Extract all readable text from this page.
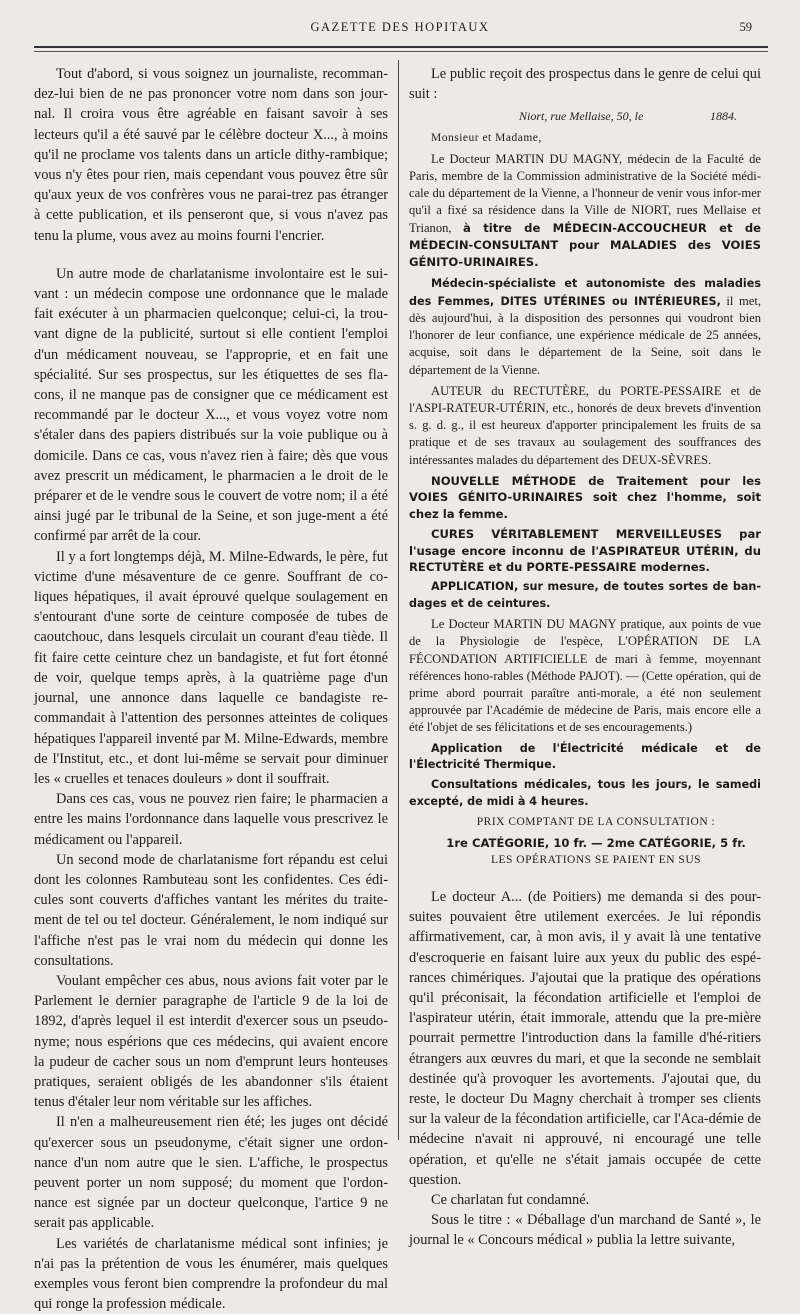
GAZETTE DES HOPITAUX	59

Tout d'abord, si vous soignez un journaliste, recomman-dez-lui bien de ne pas prononcer votre nom dans son jour-nal. Il croira vous être agréable en faisant savoir à ses lecteurs qu'il a été sauvé par le célèbre docteur X..., à moins qu'il ne proclame vos talents dans un article dithy-rambique; vous n'y êtes pour rien, mais cependant vous pouvez être sûr qu'aux yeux de vos confrères vous ne parai-trez pas étranger à cette publication, et ils penseront que, si vous n'avez pas tenu la plume, vous avez au moins fourni l'encrier.

Un autre mode de charlatanisme involontaire est le sui-vant : un médecin compose une ordonnance que le malade fait exécuter à un pharmacien quelconque; celui-ci, la trou-vant digne de la publicité, surtout si elle contient l'emploi d'un médicament nouveau, se l'approprie, et en fait une spécialité. Sur ses prospectus, sur les étiquettes de ses fla-cons, il ne manque pas de consigner que ce médicament est recommandé par le docteur X..., et vous voyez votre nom s'étaler dans des papiers distribués sur la voie publique ou à domicile. Dans ce cas, vous n'avez rien à faire; dès que vous avez prescrit un médicament, le pharmacien a le droit de le préparer et de le vendre sous le couvert de votre nom; il a été ainsi jugé par le tribunal de la Seine, et son juge-ment a été confirmé par arrêt de la cour.

Il y a fort longtemps déjà, M. Milne-Edwards, le père, fut victime d'une mésaventure de ce genre. Souffrant de co-liques hépatiques, il avait éprouvé quelque soulagement en s'entourant d'une sorte de ceinture composée de tubes de caoutchouc, dans lesquels circulait un courant d'eau tiède. Il fit faire cette ceinture chez un bandagiste, et fut fort étonné de voir, quelque temps après, à la quatrième page d'un journal, une annonce dans laquelle ce bandagiste re-commandait à l'attention des personnes atteintes de coliques hépatiques l'appareil inventé par M. Milne-Edwards, membre de l'Institut, etc., et dont lui-même se servait pour diminuer les « cruelles et tenaces douleurs » dont il souffrait.

Dans ces cas, vous ne pouvez rien faire; le pharmacien a entre les mains l'ordonnance dans laquelle vous prescrivez le médicament ou l'appareil.

Un second mode de charlatanisme fort répandu est celui dont les colonnes Rambuteau sont les confidentes. Ces édi-cules sont couverts d'affiches vantant les mérites du traite-ment de tel ou tel docteur. Généralement, le nom indiqué sur l'affiche n'est pas le vrai nom du médecin qui donne les consultations.

Voulant empêcher ces abus, nous avions fait voter par le Parlement le dernier paragraphe de l'article 9 de la loi de 1892, d'après lequel il est interdit d'exercer sous un pseudo-nyme; nous espérions que ces médecins, qui avaient encore la pudeur de cacher sous un nom d'emprunt leurs honteuses pratiques, seraient obligés de les abandonner s'ils étaient tenus d'étaler leur nom véritable sur les affiches.

Il n'en a malheureusement rien été; les juges ont décidé qu'exercer sous un pseudonyme, c'était signer une ordon-nance d'un nom autre que le sien. L'affiche, le prospectus peuvent porter un nom supposé; du moment que l'ordon-nance est signée par un docteur quelconque, l'artice 9 ne serait pas applicable.

Les variétés de charlatanisme médical sont infinies; je n'ai pas la prétention de vous les énumérer, mais quelques exemples vous feront bien comprendre la profondeur du mal qui ronge la profession médicale.

Le public reçoit des prospectus dans le genre de celui qui suit :

Niort, rue Mellaise, 50, le	1884.

Monsieur et Madame,

Le Docteur MARTIN DU MAGNY, médecin de la Faculté de Paris, membre de la Commission administrative de la Société médi-cale du département de la Vienne, a l'honneur de venir vous infor-mer qu'il a fixé sa résidence dans la Ville de NIORT, rues Mellaise et Trianon, à titre de MÉDECIN-ACCOUCHEUR et de MÉDECIN-CONSULTANT pour MALADIES des VOIES GÉNITO-URINAIRES.

Médecin-spécialiste et autonomiste des maladies des Femmes, DITES UTÉRINES ou INTÉRIEURES, il met, dès aujourd'hui, à la disposition des personnes qui voudront bien l'honorer de leur confiance, une expérience médicale de 25 années, acquise, soit dans le département de la Seine, soit dans le département de la Vienne.

AUTEUR du RECTUTÈRE, du PORTE-PESSAIRE et de l'ASPI-RATEUR-UTÉRIN, etc., honorés de deux brevets d'invention s. g. d. g., il est heureux d'apporter principalement les fruits de sa pratique et de ses travaux au soulagement des souffrances des intéressantes malades du département des DEUX-SÈVRES.

NOUVELLE MÉTHODE de Traitement pour les VOIES GÉNITO-URINAIRES soit chez l'homme, soit chez la femme.

CURES VÉRITABLEMENT MERVEILLEUSES par l'usage encore inconnu de l'ASPIRATEUR UTÉRIN, du RECTUTÈRE et du PORTE-PESSAIRE modernes.

APPLICATION, sur mesure, de toutes sortes de ban-dages et de ceintures.

Le Docteur MARTIN DU MAGNY pratique, aux points de vue de la Physiologie de l'espèce, L'OPÉRATION DE LA FÉCONDATION ARTIFICIELLE de mari à femme, moyennant références hono-rables (Méthode PAJOT). — (Cette opération, qui de prime abord pourrait paraître anti-morale, a été non seulement approuvée par l'Académie de médecine de Paris, mais encore elle a été l'objet de ses félicitations et de ses encouragements.)

Application de l'Électricité médicale et de l'Électricité Thermique.

Consultations médicales, tous les jours, le samedi excepté, de midi à 4 heures.

PRIX COMPTANT DE LA CONSULTATION :

1re CATÉGORIE, 10 fr. — 2me CATÉGORIE, 5 fr.

LES OPÉRATIONS SE PAIENT EN SUS

Le docteur A... (de Poitiers) me demanda si des pour-suites pouvaient être utilement exercées. Je lui répondis affirmativement, car, à mon avis, il y avait là une tentative d'escroquerie en faisant luire aux yeux du public des espé-rances chimériques. J'ajoutai que la pratique des opérations qu'il préconisait, la fécondation artificielle et l'emploi de l'aspirateur utérin, était immorale, attendu que la pre-mière pourrait permettre l'introduction dans la famille d'hé-ritiers étrangers aux œuvres du mari, et que la seconde ne semblait destinée qu'à provoquer les avortements. J'ajoutai que, du reste, le docteur Du Magny cherchait à tromper ses clients sur la valeur de la fécondation artificielle, car l'Aca-démie de médecine n'avait ni approuvé, ni encouragé une telle opération, et qu'elle ne s'était jamais occupée de cette question.

Ce charlatan fut condamné.

Sous le titre : « Déballage d'un marchand de Santé », le journal le « Concours médical » publia la lettre suivante,
